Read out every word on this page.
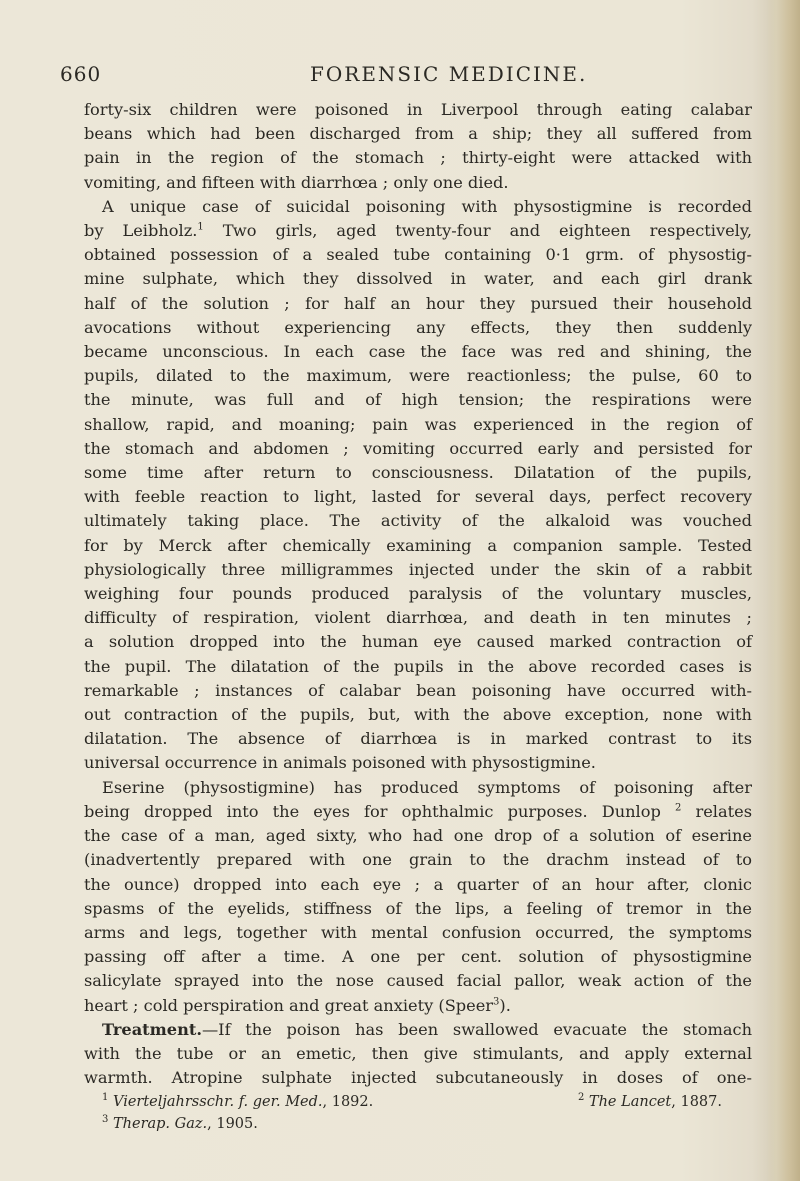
660	FORENSIC MEDICINE.
forty-six children were poisoned in Liverpool through eating calabar
beans which had been discharged from a ship; they all suffered from
pain in the region of the stomach ; thirty-eight were attacked with
vomiting, and fifteen with diarrhœa ; only one died.
A unique case of suicidal poisoning with physostigmine is recorded
by Leibholz.$^1$ Two girls, aged twenty-four and eighteen respectively,
obtained possession of a sealed tube containing 0·1 grm. of physostig-
mine sulphate, which they dissolved in water, and each girl drank
half of the solution ; for half an hour they pursued their household
avocations without experiencing any effects, they then suddenly
became unconscious. In each case the face was red and shining, the
pupils, dilated to the maximum, were reactionless; the pulse, 60 to
the minute, was full and of high tension; the respirations were
shallow, rapid, and moaning; pain was experienced in the region of
the stomach and abdomen ; vomiting occurred early and persisted for
some time after return to consciousness. Dilatation of the pupils,
with feeble reaction to light, lasted for several days, perfect recovery
ultimately taking place. The activity of the alkaloid was vouched
for by Merck after chemically examining a companion sample. Tested
physiologically three milligrammes injected under the skin of a rabbit
weighing four pounds produced paralysis of the voluntary muscles,
difficulty of respiration, violent diarrhœa, and death in ten minutes ;
a solution dropped into the human eye caused marked contraction of
the pupil. The dilatation of the pupils in the above recorded cases is
remarkable ; instances of calabar bean poisoning have occurred with-
out contraction of the pupils, but, with the above exception, none with
dilatation. The absence of diarrhœa is in marked contrast to its
universal occurrence in animals poisoned with physostigmine.
Eserine (physostigmine) has produced symptoms of poisoning after
being dropped into the eyes for ophthalmic purposes. Dunlop $^2$ relates
the case of a man, aged sixty, who had one drop of a solution of eserine
(inadvertently prepared with one grain to the drachm instead of to
the ounce) dropped into each eye ; a quarter of an hour after, clonic
spasms of the eyelids, stiffness of the lips, a feeling of tremor in the
arms and legs, together with mental confusion occurred, the symptoms
passing off after a time. A one per cent. solution of physostigmine
salicylate sprayed into the nose caused facial pallor, weak action of the
heart ; cold perspiration and great anxiety (Speer$^3$).
Treatment.—If the poison has been swallowed evacuate the stomach
with the tube or an emetic, then give stimulants, and apply external
warmth. Atropine sulphate injected subcutaneously in doses of one-
$^1$ Vierteljahrsschr. f. ger. Med., 1892.	$^2$ The Lancet, 1887.
$^3$ Therap. Gaz., 1905.
